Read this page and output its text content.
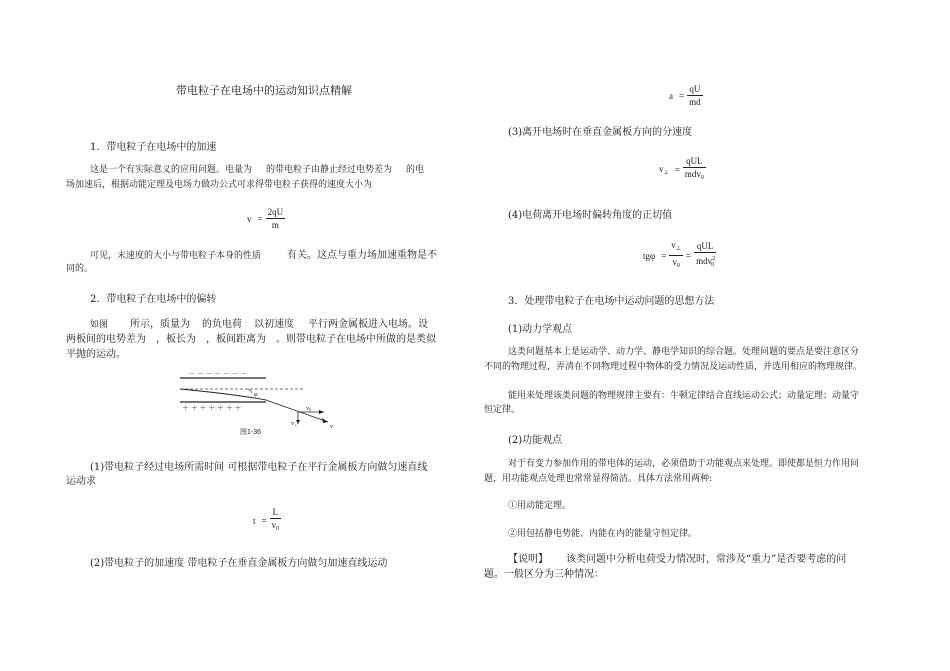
带电粒子在电场中的运动知识点精解
1．带电粒子在电场中的加速
这是一个有实际意义的应用问题。电量为 的带电粒子由静止经过电势差为 的电
场加速后，根据动能定理及电场力做功公式可求得带电粒子获得的速度大小为
$v = \frac{2qU}{m}$
可见，末速度的大小与带电粒子本身的性质	有关。这点与重力场加速重物是不
同的。
2．带电粒子在电场中的偏转
如图 所示，质量为 的负电荷 以初速度 平行两金属板进入电场。设
两板间的电势差为 ，板长为 ，板间距离为 。则带电粒子在电场中所做的是类似
平抛的运动。
－ － － － － － －
＋ ＋ ＋ ＋ ＋ ＋ ＋
φ
v0
v⊥	v
图1-36
(1)带电粒子经过电场所需时间 可根据带电粒子在平行金属板方向做匀速直线
运动求
$t = \frac{L}{v_0}$
(2)带电粒子的加速度 带电粒子在垂直金属板方向做匀加速直线运动
$a = \frac{qU}{md}$
(3)离开电场时在垂直金属板方向的分速度
$v_\perp = \frac{\text{qUL}}{mdv_0}$
(4)电荷离开电场时偏转角度的正切值
$tg\varphi = \frac{v_\perp}{v_0} = \frac{\text{qUL}}{mdv^2_0}$
3．处理带电粒子在电场中运动问题的思想方法
(1)动力学观点
这类问题基本上是运动学、动力学、静电学知识的综合题。处理问题的要点是要注意区分
不同的物理过程，弄清在不同物理过程中物体的受力情况及运动性质，并选用相应的物理规律。
能用来处理该类问题的物理规律主要有：牛顿定律结合直线运动公式；动量定理；动量守
恒定律。
(2)功能观点
对于有变力参加作用的带电体的运动，必须借助于功能观点来处理。即使都是恒力作用问
题，用功能观点处理也常常显得简洁。具体方法常用两种:
①用动能定理。
②用包括静电势能、内能在内的能量守恒定律。
【说明】 该类问题中分析电荷受力情况时，常涉及“重力”是否要考虑的问
题。一般区分为三种情况：
